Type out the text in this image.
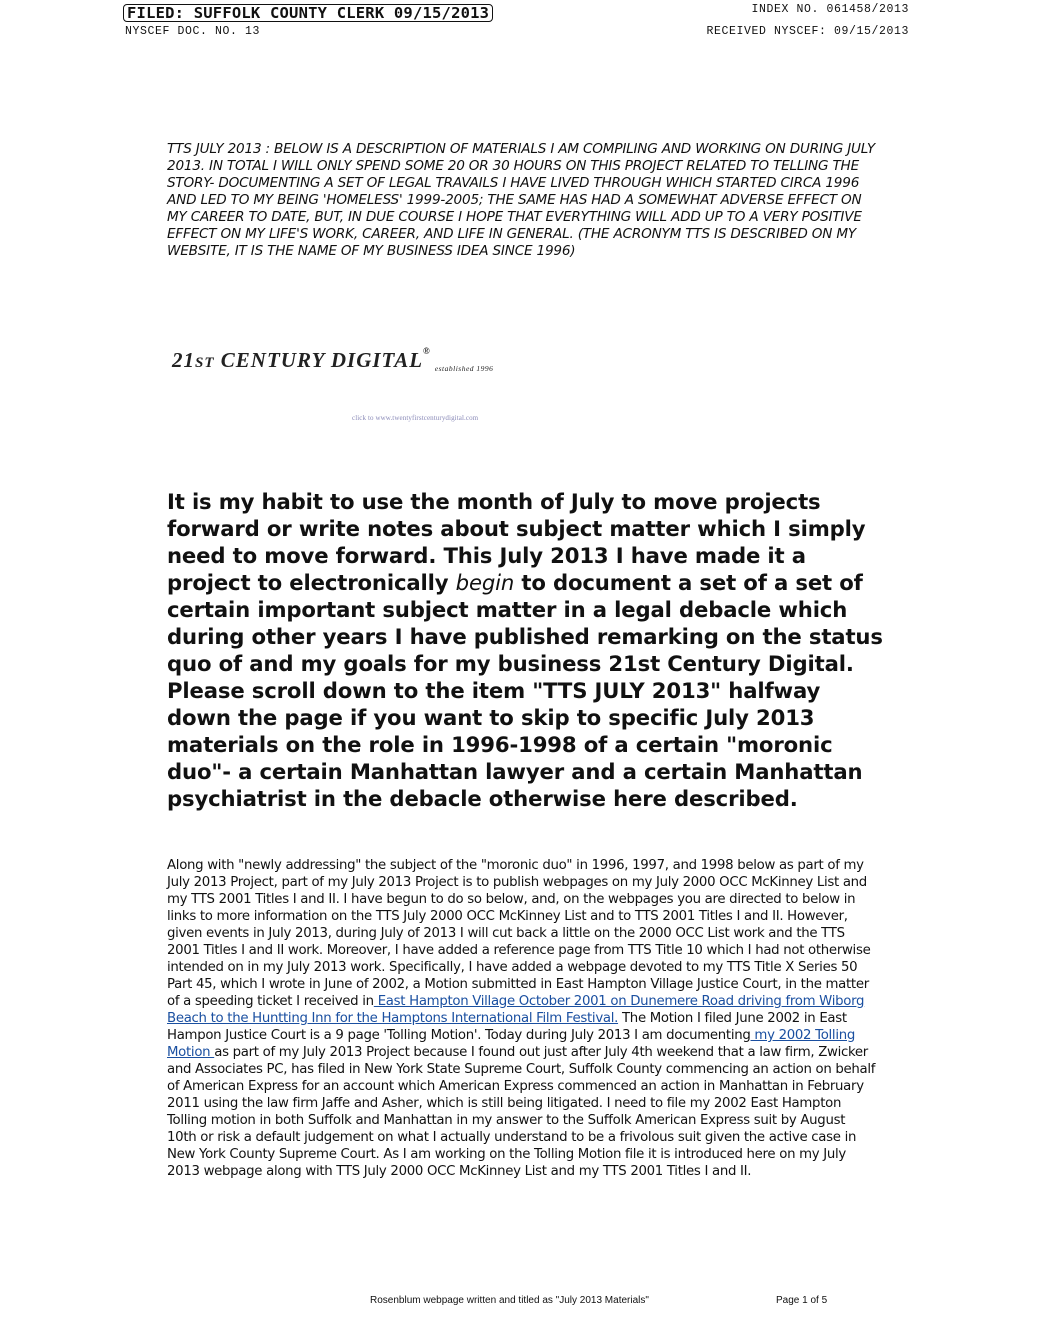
FILED: SUFFOLK COUNTY CLERK 09/15/2013
NYSCEF DOC. NO. 13
INDEX NO. 061458/2013
RECEIVED NYSCEF: 09/15/2013

TTS JULY 2013 : BELOW IS A DESCRIPTION OF MATERIALS I AM COMPILING AND WORKING ON DURING JULY 2013. IN TOTAL I WILL ONLY SPEND SOME 20 OR 30 HOURS ON THIS PROJECT RELATED TO TELLING THE STORY- DOCUMENTING A SET OF LEGAL TRAVAILS I HAVE LIVED THROUGH WHICH STARTED CIRCA 1996 AND LED TO MY BEING 'HOMELESS' 1999-2005; THE SAME HAS HAD A SOMEWHAT ADVERSE EFFECT ON MY CAREER TO DATE, BUT, IN DUE COURSE I HOPE THAT EVERYTHING WILL ADD UP TO A VERY POSITIVE EFFECT ON MY LIFE'S WORK, CAREER, AND LIFE IN GENERAL. (THE ACRONYM TTS IS DESCRIBED ON MY WEBSITE, IT IS THE NAME OF MY BUSINESS IDEA SINCE 1996)

21ST CENTURY DIGITAL®established 1996
click to www.twentyfirstcenturydigital.com

It is my habit to use the month of July to move projects forward or write notes about subject matter which I simply need to move forward. This July 2013 I have made it a project to electronically begin to document a set of a set of certain important subject matter in a legal debacle which during other years I have published remarking on the status quo of and my goals for my business 21st Century Digital. Please scroll down to the item "TTS JULY 2013" halfway down the page if you want to skip to specific July 2013 materials on the role in 1996-1998 of a certain "moronic duo"- a certain Manhattan lawyer and a certain Manhattan psychiatrist in the debacle otherwise here described.

Along with "newly addressing" the subject of the "moronic duo" in 1996, 1997, and 1998 below as part of my July 2013 Project, part of my July 2013 Project is to publish webpages on my July 2000 OCC McKinney List and my TTS 2001 Titles I and II. I have begun to do so below, and, on the webpages you are directed to below in links to more information on the TTS July 2000 OCC McKinney List and to TTS 2001 Titles I and II. However, given events in July 2013, during July of 2013 I will cut back a little on the 2000 OCC List work and the TTS 2001 Titles I and II work. Moreover, I have added a reference page from TTS Title 10 which I had not otherwise intended on in my July 2013 work. Specifically, I have added a webpage devoted to my TTS Title X Series 50 Part 45, which I wrote in June of 2002, a Motion submitted in East Hampton Village Justice Court, in the matter of a speeding ticket I received in East Hampton Village October 2001 on Dunemere Road driving from Wiborg Beach to the Huntting Inn for the Hamptons International Film Festival. The Motion I filed June 2002 in East Hampon Justice Court is a 9 page 'Tolling Motion'. Today during July 2013 I am documenting my 2002 Tolling Motion as part of my July 2013 Project because I found out just after July 4th weekend that a law firm, Zwicker and Associates PC, has filed in New York State Supreme Court, Suffolk County commencing an action on behalf of American Express for an account which American Express commenced an action in Manhattan in February 2011 using the law firm Jaffe and Asher, which is still being litigated. I need to file my 2002 East Hampton Tolling motion in both Suffolk and Manhattan in my answer to the Suffolk American Express suit by August 10th or risk a default judgement on what I actually understand to be a frivolous suit given the active case in New York County Supreme Court. As I am working on the Tolling Motion file it is introduced here on my July 2013 webpage along with TTS July 2000 OCC McKinney List and my TTS 2001 Titles I and II.

Rosenblum webpage written and titled as "July 2013 Materials"	Page 1 of 5
